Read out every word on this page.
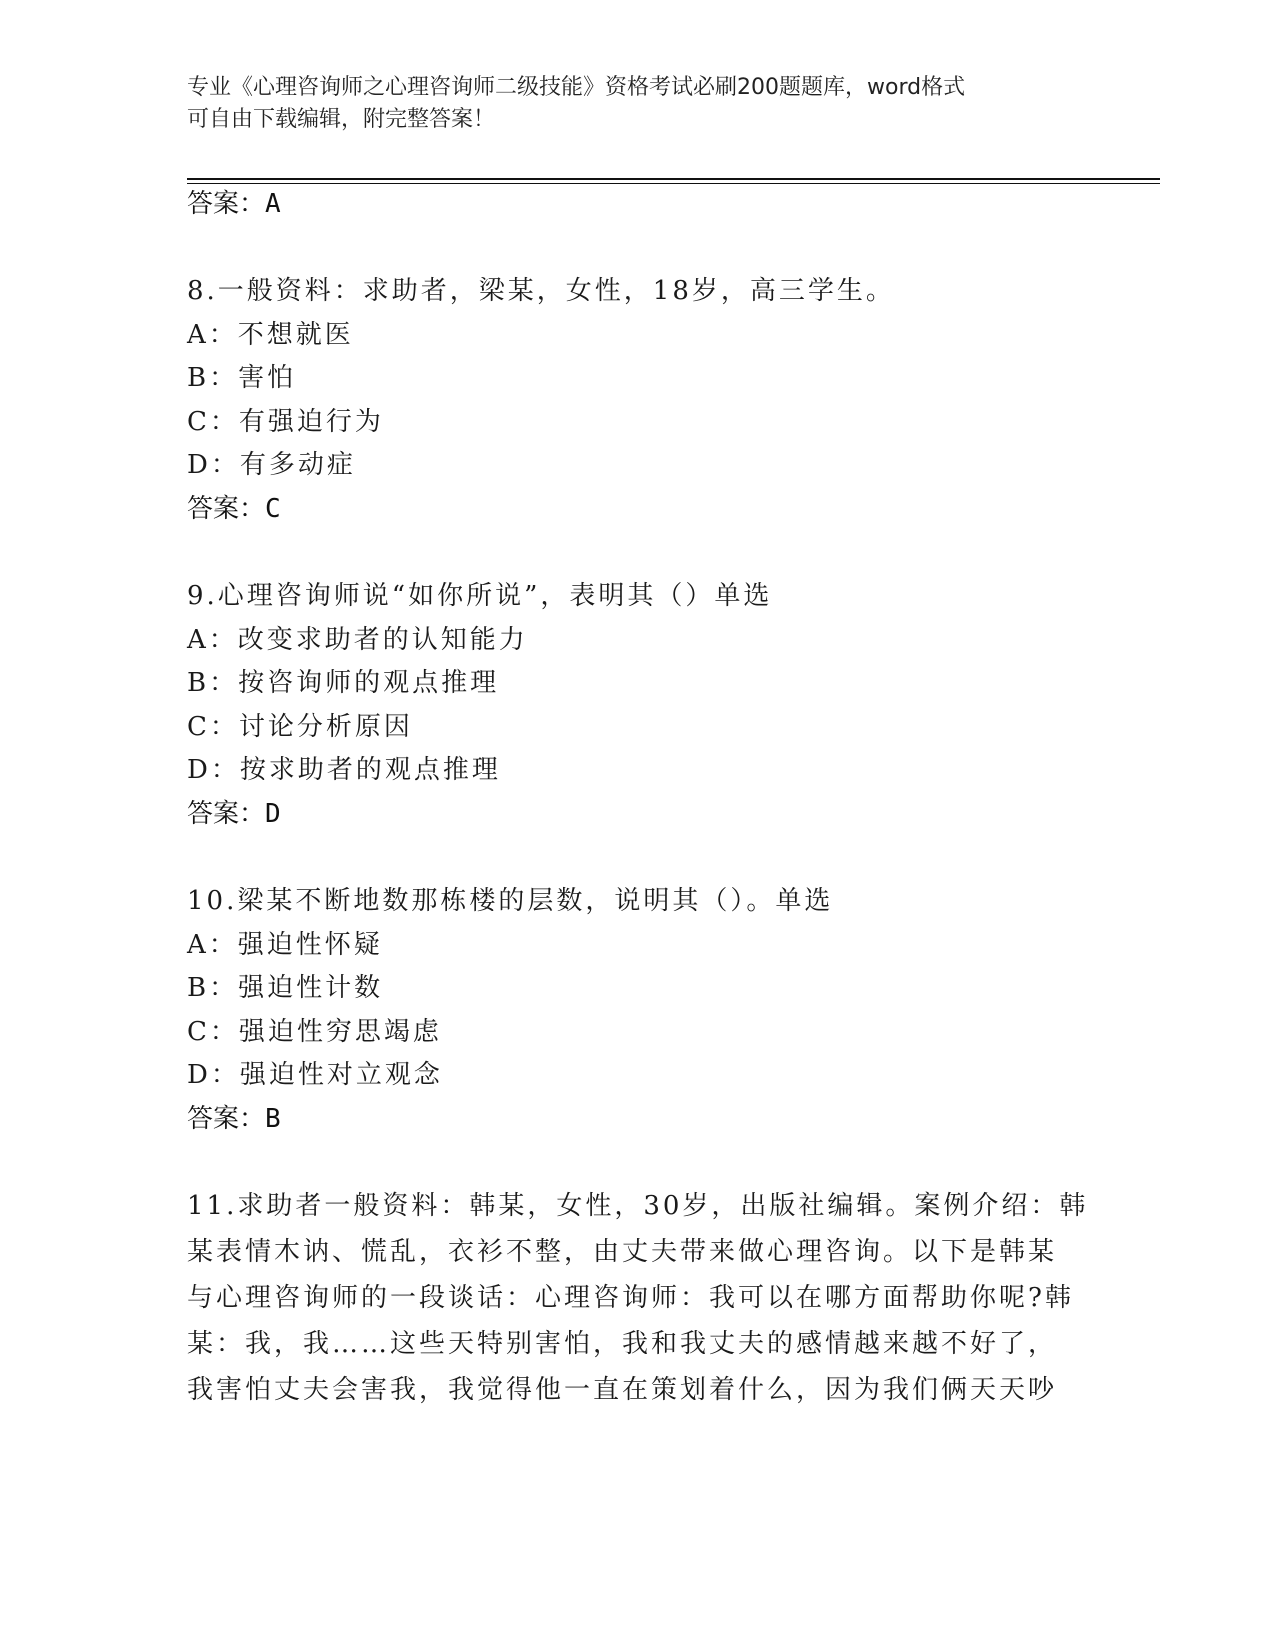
专业《心理咨询师之心理咨询师二级技能》资格考试必刷200题题库，word格式
可自由下载编辑，附完整答案！
答案：A
8.一般资料：求助者，梁某，女性，18岁，高三学生。
A：不想就医
B：害怕
C：有强迫行为
D：有多动症
答案：C
9.心理咨询师说“如你所说”，表明其（）单选
A：改变求助者的认知能力
B：按咨询师的观点推理
C：讨论分析原因
D：按求助者的观点推理
答案：D
10.梁某不断地数那栋楼的层数，说明其（）。单选
A：强迫性怀疑
B：强迫性计数
C：强迫性穷思竭虑
D：强迫性对立观念
答案：B
11.求助者一般资料：韩某，女性，30岁，出版社编辑。案例介绍：韩
某表情木讷、慌乱，衣衫不整，由丈夫带来做心理咨询。以下是韩某
与心理咨询师的一段谈话：心理咨询师：我可以在哪方面帮助你呢?韩
某：我，我……这些天特别害怕，我和我丈夫的感情越来越不好了，
我害怕丈夫会害我，我觉得他一直在策划着什么，因为我们俩天天吵
